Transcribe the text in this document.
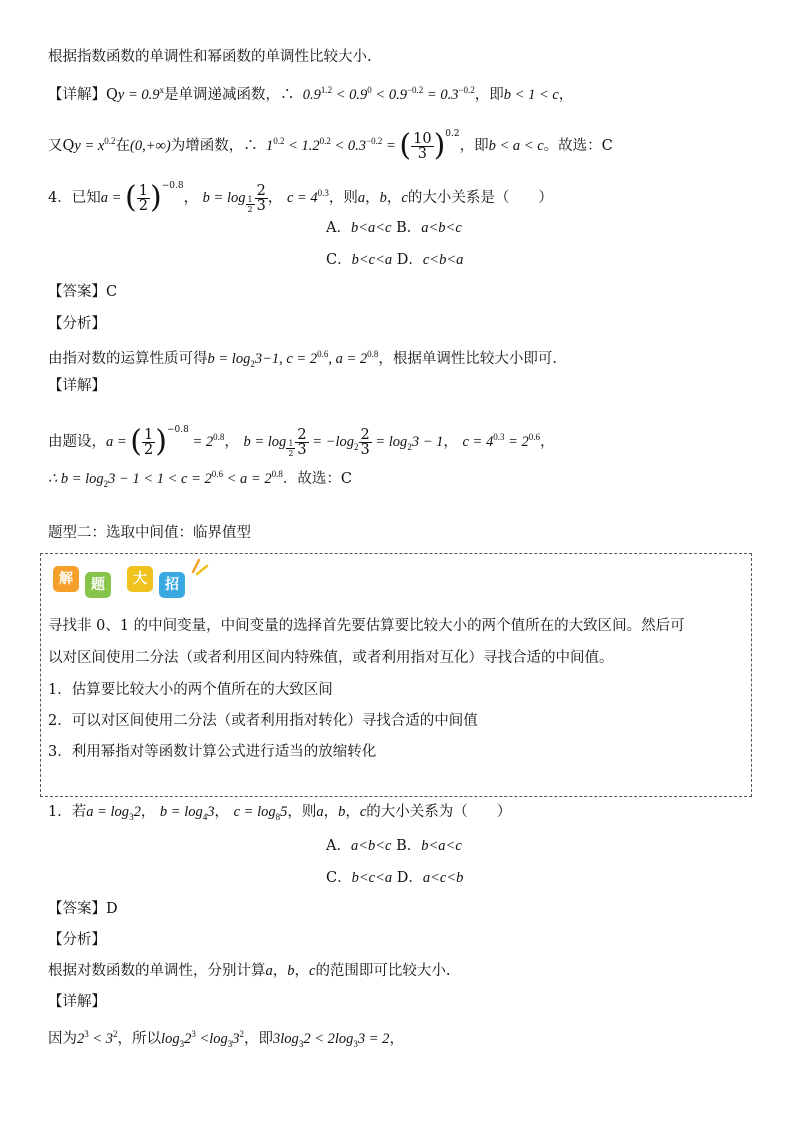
根据指数函数的单调性和幂函数的单调性比较大小.
【详解】$Qy = 0.9^x$是单调递减函数，∴ $0.9^{1.2} < 0.9^0 < 0.9^{-0.2} = 0.3^{-0.2}$，即b < 1 < c，
又$Qy = x^{0.2}$在(0,+∞)为增函数，∴ $1^{0.2} < 1.2^{0.2} < 0.3^{-0.2}$ = ( $\frac{10}{3} )^{0.2}$，即b < a < c。故选：C
4．已知a = ( $\frac{1}{2} )^{-0.8}$， $b = \log \frac{1}{2} \frac{2}{3}$ ， $c = 4^{0.3}$，则a，b，c的大小关系是（　　）
A．b<a<c B．a<b<c
C．b<c<a D．c<b<a
【答案】C
【分析】
由指对数的运算性质可得$b = \log_23-1$, $c = 2^{0.6}$, $a = 2^{0.8}$，根据单调性比较大小即可.
【详解】
由题设，a = ( $\frac{1}{2} )^{-0.8} = 2^{0.8}$， $b = \log \frac{1}{2} \frac{2}{3} = -\log_2 \frac{2}{3} = \log_23 - 1$， $c = 4^{0.3} = 2^{0.6}$，
∴ $b = \log_23 - 1 < 1 < c = 2^{0.6} < a = 2^{0.8}$．故选：C
题型二：选取中间值：临界值型
解	题	大	招
寻找非 0、1 的中间变量，中间变量的选择首先要估算要比较大小的两个值所在的大致区间。然后可
以对区间使用二分法（或者利用区间内特殊值，或者利用指对互化）寻找合适的中间值。
1．估算要比较大小的两个值所在的大致区间
2．可以对区间使用二分法（或者利用指对转化）寻找合适的中间值
3．利用幂指对等函数计算公式进行适当的放缩转化
1．若$a = \log_32$， $b = \log_43$， $c = \log_85$，则a，b，c的大小关系为（　　）
A．a<b<c B．b<a<c
C．b<c<a D．a<c<b
【答案】D
【分析】
根据对数函数的单调性，分别计算a，b，c的范围即可比较大小.
【详解】
因为$2^3 < 3^2$，所以$\log_32^3 <\log_33^2$，即$3\log_32 < 2\log_33 = 2$，
